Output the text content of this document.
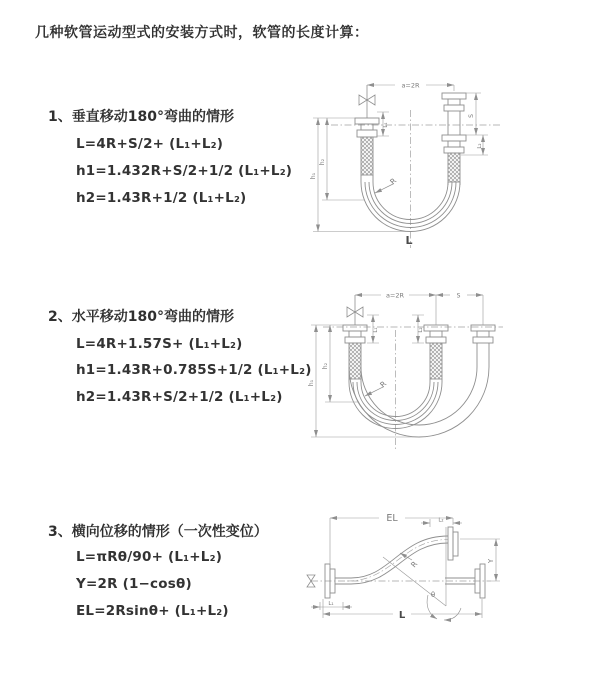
几种软管运动型式的安装方式时，软管的长度计算：
1、垂直移动180°弯曲的情形
L=4R+S/2+ (L₁+L₂)
h1=1.432R+S/2+1/2 (L₁+L₂)
h2=1.43R+1/2 (L₁+L₂)
2、水平移动180°弯曲的情形
L=4R+1.57S+ (L₁+L₂)
h1=1.43R+0.785S+1/2 (L₁+L₂)
h2=1.43R+S/2+1/2 (L₁+L₂)
3、横向位移的情形（一次性变位）
L=πRθ/90+ (L₁+L₂)
Y=2R (1−cosθ)
EL=2Rsinθ+ (L₁+L₂)
a=2R
S
L₂
h₁
h₂
L₁
R
L
a=2R	S
h₁
h₂
L₁	L₂
R
EL	L₂
Y
θ
R
L₁
L
